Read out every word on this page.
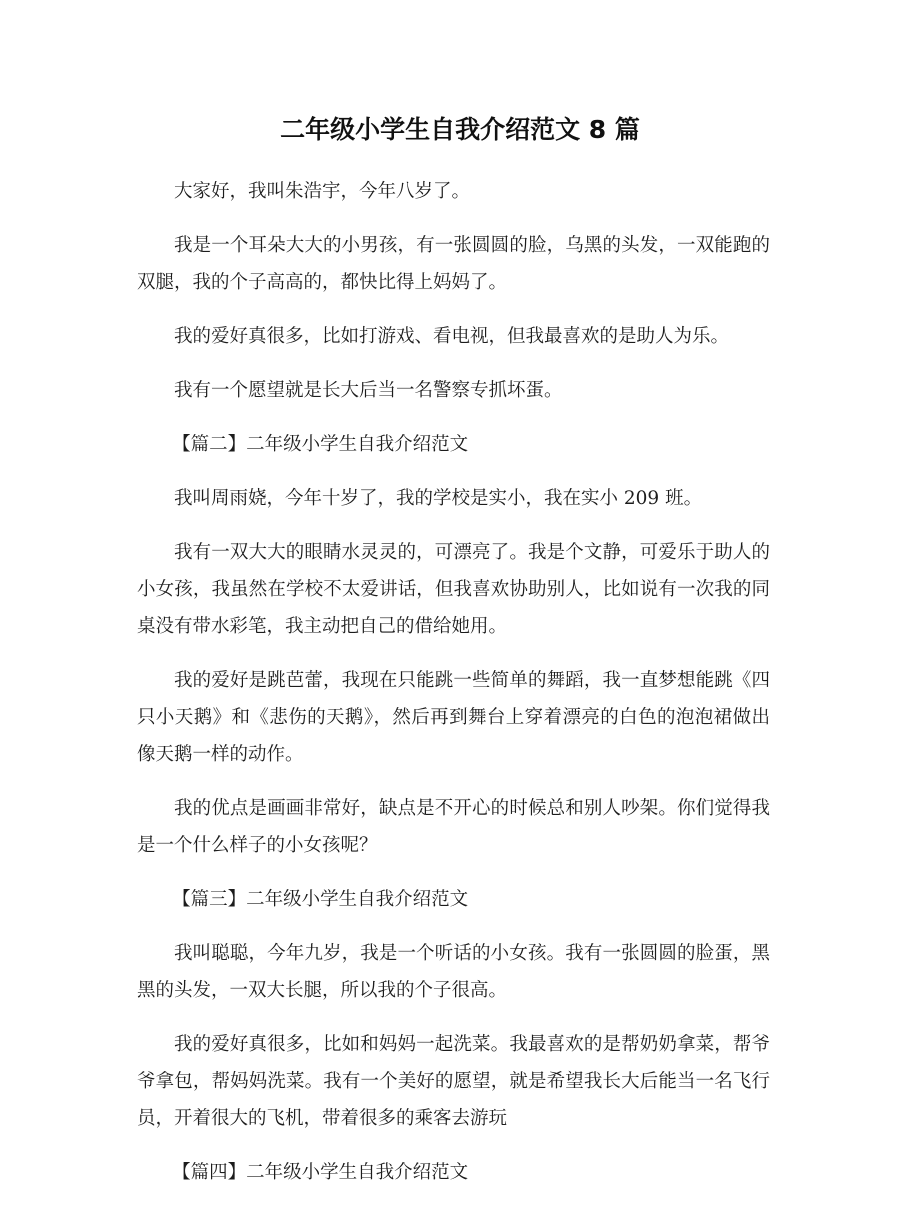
二年级小学生自我介绍范文 8 篇

大家好，我叫朱浩宇，今年八岁了。

我是一个耳朵大大的小男孩，有一张圆圆的脸，乌黑的头发，一双能跑的双腿，我的个子高高的，都快比得上妈妈了。

我的爱好真很多，比如打游戏、看电视，但我最喜欢的是助人为乐。

我有一个愿望就是长大后当一名警察专抓坏蛋。

【篇二】二年级小学生自我介绍范文

我叫周雨娆，今年十岁了，我的学校是实小，我在实小 209 班。

我有一双大大的眼睛水灵灵的，可漂亮了。我是个文静，可爱乐于助人的小女孩，我虽然在学校不太爱讲话，但我喜欢协助别人，比如说有一次我的同桌没有带水彩笔，我主动把自己的借给她用。

我的爱好是跳芭蕾，我现在只能跳一些简单的舞蹈，我一直梦想能跳《四只小天鹅》和《悲伤的天鹅》，然后再到舞台上穿着漂亮的白色的泡泡裙做出像天鹅一样的动作。

我的优点是画画非常好，缺点是不开心的时候总和别人吵架。你们觉得我是一个什么样子的小女孩呢？

【篇三】二年级小学生自我介绍范文

我叫聪聪，今年九岁，我是一个听话的小女孩。我有一张圆圆的脸蛋，黑黑的头发，一双大长腿，所以我的个子很高。

我的爱好真很多，比如和妈妈一起洗菜。我最喜欢的是帮奶奶拿菜，帮爷爷拿包，帮妈妈洗菜。我有一个美好的愿望，就是希望我长大后能当一名飞行员，开着很大的飞机，带着很多的乘客去游玩

【篇四】二年级小学生自我介绍范文
